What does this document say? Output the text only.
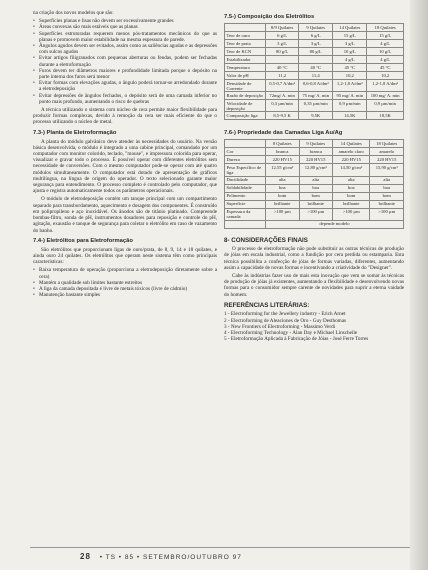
na criação dos novos modelos que são:

• Superfícies planas e lisas não devem ser excessivamente grandes
• Áreas convexas são mais estáveis que as planas
• Superfícies estruturadas requerem menos pós-tratamentos mecânicos do que as planas e promovem maior estabilidade na mesma espessura de parede.
• Ângulos agudos devem ser evitados, assim como as saliências agudas e as depressões com sulcos agudos
• Evitar artigos filigranados com pequenas aberturas ou fendas, podem ser fechadas durante a eletroformação
• Furos devem ter diâmetros maiores e profundidade limitada porque o depósito na parte interna dos furos será menor
• Evitar formas com elevações agudas, o ângulo poderá tornar-se arredondado durante a eletrodeposição
• Evitar depressões de ângulos fechados, o depósito será de uma camada inferior no ponto mais profundo, aumentando o risco de quebras

A técnica utilizando o sistema com núcleo de cera permite maior flexibilidade para produzir formas complexas, devido à remoção da cera ser mais eficiente do que o processo utilizando o núcleo de metal.

7.3-) Planta de Eletroformação

A planta do módulo galvânico deve atender às necessidades do usuário. Na versão básica desenvolvida, o módulo é integrado a uma cabine principal, comandado por um computador com monitor colorido, teclado, "mouse", e impressora colorida para operar, visualizar e gravar todo o processo. É possível operar com diferentes eletrólitos sem necessidade de conversões. Com o mesmo computador pode-se operar com até quatro módulos simultaneamente. O computador está dotado de apresentação de gráficos multilíngua, na língua de origem do operador. O texto selecionado garante maior segurança para entendimento. O processo completo é controlado pelo computador, que ajusta e registra automaticamente todos os parâmetros operacionais.

O módulo de eletrodeposição contém um tanque principal com um compartimento separado para transbordamento, aquecimento e dosagem dos componentes. É construído em polipropileno e aço inoxidável. Os ânodos são de titânio platinado. Compreende bombas-filtro, sonda de pH, instrumentos dosadores para reposição e controle do pH, agitação, exaustão e tanque de segurança para coletar o eletrólito em caso de vazamento do banho.

7.4-) Eletrólitos para Eletroformação

São eletrólitos que proporcionam ligas de ouro/prata, de 8, 9, 14 e 18 quilates, e ainda ouro 24 quilates. Os eletrólitos que operam neste sistema têm como principais características:

• Baixa temperatura de operação (proporciona a eletrodeposição diretamente sobre a cera)
• Mantém a qualidade sob limites bastante estreitos
• A liga da camada depositada é livre de metais tóxicos (livre de cádmio)
• Manutenção bastante simples
7.5-) Composição dos Eletrólitos
	8/9 Quilates	9 Quilates	14 Quilates	18 Quilates
Teor de ouro	6 g/L	6 g/L	15 g/L	15 g/L
Teor de prata	3 g/L	3 g/L	3 g/L	4 g/L
Teor de KCN	80 g/L	80 g/L	10 g/L	10 g/L
Estabilizador			4 g/L	4 g/L
Temperatura	40 °C	40 °C	45 °C	45 °C
Valor de pH	11,2	11,4	10,2	10,2
Densidade de Corrente	0,5-0,7 A/dm²	0,6-0,8 A/dm²	1,2-1,8 A/dm²	1,2-1,8 A/dm²
Razão de deposição	72mg/ A. min	75 mg/ A. min	95 mg/ A. min	100 mg/ A. min
Velocidade de deposição	0,3 µm/min	0,35 µm/min	0,9 µm/min	0,9 µm/min
Composição liga	8,5-9,5 K	9,5K	14,5K	18,5K
7.6-) Propriedade das Camadas Liga Au/Ag
	8 Quilates	9 Quilates	14 Quilates	18 Quilates
Cor	branca	branca	amarelo claro	amarelo
Dureza	220 HV15	220 HV15	220 HV15	220 HV15
Peso Específico de liga	12,55 g/cm³	12,80 g/cm³	14,50 g/cm³	15,90 g/cm³
Ductilidade	alta	alta	alta	alta
Soldabilidade	boa	boa	boa	boa
Polimento	bom	bom	bom	bom
Superfície	brilhante	brilhante	brilhante	brilhante
Espessura da camada	>100 µm	>100 µm	>100 µm	>100 µm
	depende modelo			
8- CONSIDERAÇÕES FINAIS

O processo de eletroformação não pode substituir as outras técnicas de produção de jóias em escala industrial, como a fundição por cera perdida ou estamparia. Esta técnica possibilita a confecção de jóias de formas variadas, diferentes, aumentando assim a capacidade de novas formas e incentivando a criatividade do "Designer".

Cabe às indústrias fazer uso de mais esta inovação que vem se somar às técnicas de produção de jóias já existentes, aumentando a flexibilidade e desenvolvendo novas formas para o consumidor sempre carente de novidades para suprir a eterna vaidade do homem.

REFERÊNCIAS LITERÁRIAS:
1 - Electroforming for the Jewellery industry - Erich Arnet
2 - Electroforming de Aleaciones de Oro - Guy Desthomas
3 - New Frontiers of Electroforming - Massimo Verdi
4 - Electroforming Technology - Alan Day e Michael Linscheile
5 - Eletroformação Aplicada à Fabricação de Jóias - José Ferre Torres
28 • TS • 85 • SETEMBRO/OUTUBRO 97
